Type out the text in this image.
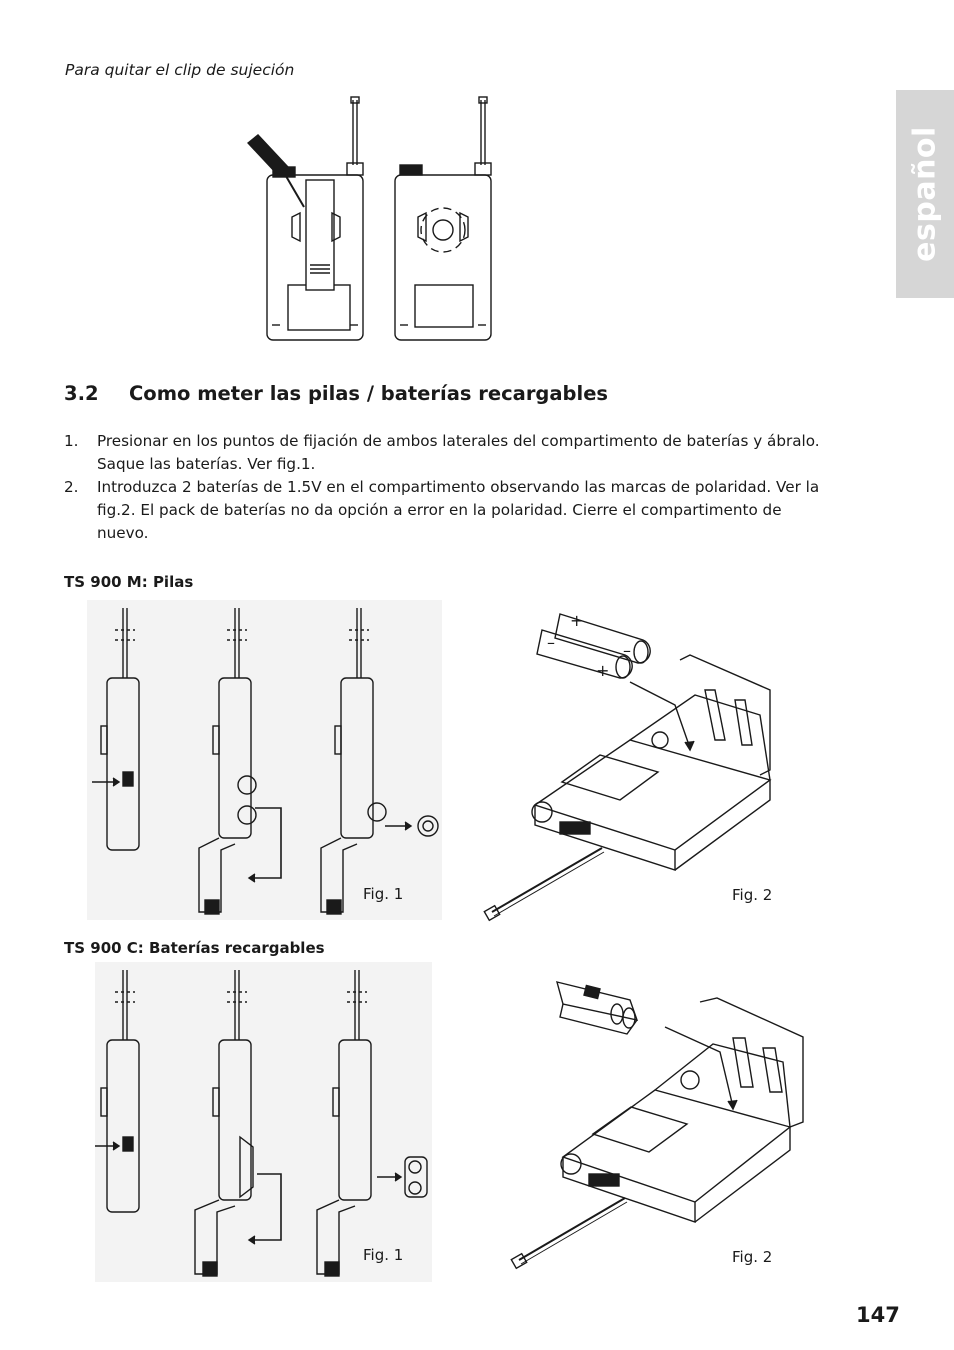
Para quitar el clip de sujeción
español
3.2 Como meter las pilas / baterías recargables
1. Presionar en los puntos de fijación de ambos laterales del compartimento de baterías y ábralo. Saque las baterías. Ver fig.1.
2. Introduzca 2 baterías de 1.5V en el compartimento observando las marcas de polaridad. Ver la fig.2. El pack de baterías no da opción a error en la polaridad. Cierre el compartimento de nuevo.
TS 900 M: Pilas
Fig. 1
+
–
–
+
Fig. 2
TS 900 C: Baterías recargables
Fig. 1	Fig. 2
147
